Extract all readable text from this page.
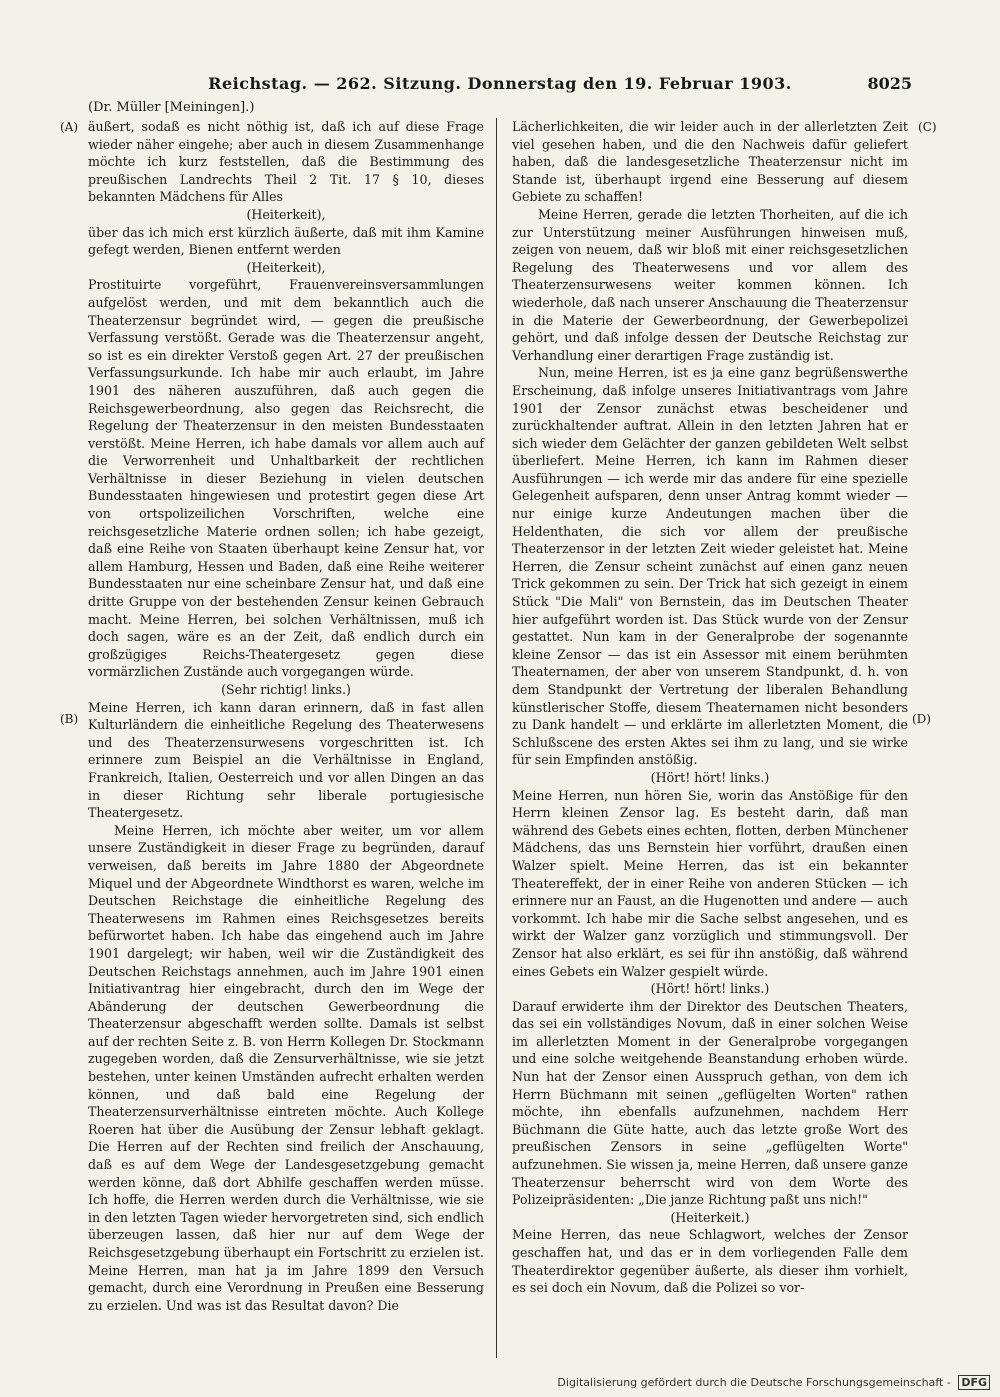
Reichstag. — 262. Sitzung. Donnerstag den 19. Februar 1903.	8025
(Dr. Müller [Meiningen].)
(A)
(B)
(C)
(D)

äußert, sodaß es nicht nöthig ist, daß ich auf diese Frage wieder näher eingehe; aber auch in diesem Zusammenhange möchte ich kurz feststellen, daß die Bestimmung des preußischen Landrechts Theil 2 Tit. 17 § 10, dieses bekannten Mädchens für Alles

(Heiterkeit),

über das ich mich erst kürzlich äußerte, daß mit ihm Kamine gefegt werden, Bienen entfernt werden

(Heiterkeit),

Prostituirte vorgeführt, Frauenvereinsversammlungen aufgelöst werden, und mit dem bekanntlich auch die Theaterzensur begründet wird, — gegen die preußische Verfassung verstößt. Gerade was die Theaterzensur angeht, so ist es ein direkter Verstoß gegen Art. 27 der preußischen Verfassungsurkunde. Ich habe mir auch erlaubt, im Jahre 1901 des näheren auszuführen, daß auch gegen die Reichsgewerbeordnung, also gegen das Reichsrecht, die Regelung der Theaterzensur in den meisten Bundesstaaten verstößt. Meine Herren, ich habe damals vor allem auch auf die Verworrenheit und Unhaltbarkeit der rechtlichen Verhältnisse in dieser Beziehung in vielen deutschen Bundesstaaten hingewiesen und protestirt gegen diese Art von ortspolizeilichen Vorschriften, welche eine reichsgesetzliche Materie ordnen sollen; ich habe gezeigt, daß eine Reihe von Staaten überhaupt keine Zensur hat, vor allem Hamburg, Hessen und Baden, daß eine Reihe weiterer Bundesstaaten nur eine scheinbare Zensur hat, und daß eine dritte Gruppe von der bestehenden Zensur keinen Gebrauch macht. Meine Herren, bei solchen Verhältnissen, muß ich doch sagen, wäre es an der Zeit, daß endlich durch ein großzügiges Reichs-Theatergesetz gegen diese vormärzlichen Zustände auch vorgegangen würde.

(Sehr richtig! links.)

Meine Herren, ich kann daran erinnern, daß in fast allen Kulturländern die einheitliche Regelung des Theaterwesens und des Theaterzensurwesens vorgeschritten ist. Ich erinnere zum Beispiel an die Verhältnisse in England, Frankreich, Italien, Oesterreich und vor allen Dingen an das in dieser Richtung sehr liberale portugiesische Theatergesetz.

Meine Herren, ich möchte aber weiter, um vor allem unsere Zuständigkeit in dieser Frage zu begründen, darauf verweisen, daß bereits im Jahre 1880 der Abgeordnete Miquel und der Abgeordnete Windthorst es waren, welche im Deutschen Reichstage die einheitliche Regelung des Theaterwesens im Rahmen eines Reichsgesetzes bereits befürwortet haben. Ich habe das eingehend auch im Jahre 1901 dargelegt; wir haben, weil wir die Zuständigkeit des Deutschen Reichstags annehmen, auch im Jahre 1901 einen Initiativantrag hier eingebracht, durch den im Wege der Abänderung der deutschen Gewerbeordnung die Theaterzensur abgeschafft werden sollte. Damals ist selbst auf der rechten Seite z. B. von Herrn Kollegen Dr. Stockmann zugegeben worden, daß die Zensurverhältnisse, wie sie jetzt bestehen, unter keinen Umständen aufrecht erhalten werden können, und daß bald eine Regelung der Theaterzensurverhältnisse eintreten möchte. Auch Kollege Roeren hat über die Ausübung der Zensur lebhaft geklagt. Die Herren auf der Rechten sind freilich der Anschauung, daß es auf dem Wege der Landesgesetzgebung gemacht werden könne, daß dort Abhilfe geschaffen werden müsse. Ich hoffe, die Herren werden durch die Verhältnisse, wie sie in den letzten Tagen wieder hervorgetreten sind, sich endlich überzeugen lassen, daß hier nur auf dem Wege der Reichsgesetzgebung überhaupt ein Fortschritt zu erzielen ist. Meine Herren, man hat ja im Jahre 1899 den Versuch gemacht, durch eine Verordnung in Preußen eine Besserung zu erzielen. Und was ist das Resultat davon? Die

Lächerlichkeiten, die wir leider auch in der allerletzten Zeit viel gesehen haben, und die den Nachweis dafür geliefert haben, daß die landesgesetzliche Theaterzensur nicht im Stande ist, überhaupt irgend eine Besserung auf diesem Gebiete zu schaffen!

Meine Herren, gerade die letzten Thorheiten, auf die ich zur Unterstützung meiner Ausführungen hinweisen muß, zeigen von neuem, daß wir bloß mit einer reichsgesetzlichen Regelung des Theaterwesens und vor allem des Theaterzensurwesens weiter kommen können. Ich wiederhole, daß nach unserer Anschauung die Theaterzensur in die Materie der Gewerbeordnung, der Gewerbepolizei gehört, und daß infolge dessen der Deutsche Reichstag zur Verhandlung einer derartigen Frage zuständig ist.

Nun, meine Herren, ist es ja eine ganz begrüßenswerthe Erscheinung, daß infolge unseres Initiativantrags vom Jahre 1901 der Zensor zunächst etwas bescheidener und zurückhaltender auftrat. Allein in den letzten Jahren hat er sich wieder dem Gelächter der ganzen gebildeten Welt selbst überliefert. Meine Herren, ich kann im Rahmen dieser Ausführungen — ich werde mir das andere für eine spezielle Gelegenheit aufsparen, denn unser Antrag kommt wieder — nur einige kurze Andeutungen machen über die Heldenthaten, die sich vor allem der preußische Theaterzensor in der letzten Zeit wieder geleistet hat. Meine Herren, die Zensur scheint zunächst auf einen ganz neuen Trick gekommen zu sein. Der Trick hat sich gezeigt in einem Stück "Die Mali" von Bernstein, das im Deutschen Theater hier aufgeführt worden ist. Das Stück wurde von der Zensur gestattet. Nun kam in der Generalprobe der sogenannte kleine Zensor — das ist ein Assessor mit einem berühmten Theaternamen, der aber von unserem Standpunkt, d. h. von dem Standpunkt der Vertretung der liberalen Behandlung künstlerischer Stoffe, diesem Theaternamen nicht besonders zu Dank handelt — und erklärte im allerletzten Moment, die Schlußscene des ersten Aktes sei ihm zu lang, und sie wirke für sein Empfinden anstößig.

(Hört! hört! links.)

Meine Herren, nun hören Sie, worin das Anstößige für den Herrn kleinen Zensor lag. Es besteht darin, daß man während des Gebets eines echten, flotten, derben Münchener Mädchens, das uns Bernstein hier vorführt, draußen einen Walzer spielt. Meine Herren, das ist ein bekannter Theatereffekt, der in einer Reihe von anderen Stücken — ich erinnere nur an Faust, an die Hugenotten und andere — auch vorkommt. Ich habe mir die Sache selbst angesehen, und es wirkt der Walzer ganz vorzüglich und stimmungsvoll. Der Zensor hat also erklärt, es sei für ihn anstößig, daß während eines Gebets ein Walzer gespielt würde.

(Hört! hört! links.)

Darauf erwiderte ihm der Direktor des Deutschen Theaters, das sei ein vollständiges Novum, daß in einer solchen Weise im allerletzten Moment in der Generalprobe vorgegangen und eine solche weitgehende Beanstandung erhoben würde. Nun hat der Zensor einen Ausspruch gethan, von dem ich Herrn Büchmann mit seinen „geflügelten Worten" rathen möchte, ihn ebenfalls aufzunehmen, nachdem Herr Büchmann die Güte hatte, auch das letzte große Wort des preußischen Zensors in seine „geflügelten Worte" aufzunehmen. Sie wissen ja, meine Herren, daß unsere ganze Theaterzensur beherrscht wird von dem Worte des Polizeipräsidenten: „Die janze Richtung paßt uns nich!"

(Heiterkeit.)

Meine Herren, das neue Schlagwort, welches der Zensor geschaffen hat, und das er in dem vorliegenden Falle dem Theaterdirektor gegenüber äußerte, als dieser ihm vorhielt, es sei doch ein Novum, daß die Polizei so vor-

Digitalisierung gefördert durch die Deutsche Forschungsgemeinschaft - DFG
